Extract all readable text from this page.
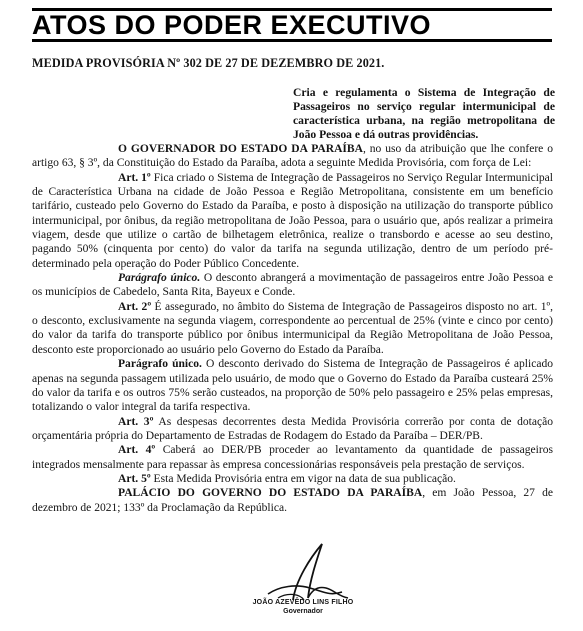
ATOS DO PODER EXECUTIVO
MEDIDA PROVISÓRIA Nº 302 DE 27 DE DEZEMBRO DE 2021.
Cria e regulamenta o Sistema de Integração de Passageiros no serviço regular intermunicipal de característica urbana, na região metropolitana de João Pessoa e dá outras providências.

O GOVERNADOR DO ESTADO DA PARAÍBA, no uso da atribuição que lhe confere o artigo 63, § 3º, da Constituição do Estado da Paraíba, adota a seguinte Medida Provisória, com força de Lei:

Art. 1º Fica criado o Sistema de Integração de Passageiros no Serviço Regular Intermunicipal de Característica Urbana na cidade de João Pessoa e Região Metropolitana, consistente em um benefício tarifário, custeado pelo Governo do Estado da Paraíba, e posto à disposição na utilização do transporte público intermunicipal, por ônibus, da região metropolitana de João Pessoa, para o usuário que, após realizar a primeira viagem, desde que utilize o cartão de bilhetagem eletrônica, realize o transbordo e acesse ao seu destino, pagando 50% (cinquenta por cento) do valor da tarifa na segunda utilização, dentro de um período pré-determinado pela operação do Poder Público Concedente.

Parágrafo único. O desconto abrangerá a movimentação de passageiros entre João Pessoa e os municípios de Cabedelo, Santa Rita, Bayeux e Conde.

Art. 2º É assegurado, no âmbito do Sistema de Integração de Passageiros disposto no art. 1º, o desconto, exclusivamente na segunda viagem, correspondente ao percentual de 25% (vinte e cinco por cento) do valor da tarifa do transporte público por ônibus intermunicipal da Região Metropolitana de João Pessoa, desconto este proporcionado ao usuário pelo Governo do Estado da Paraíba.

Parágrafo único. O desconto derivado do Sistema de Integração de Passageiros é aplicado apenas na segunda passagem utilizada pelo usuário, de modo que o Governo do Estado da Paraíba custeará 25% do valor da tarifa e os outros 75% serão custeados, na proporção de 50% pelo passageiro e 25% pelas empresas, totalizando o valor integral da tarifa respectiva.

Art. 3º As despesas decorrentes desta Medida Provisória correrão por conta de dotação orçamentária própria do Departamento de Estradas de Rodagem do Estado da Paraíba – DER/PB.

Art. 4º Caberá ao DER/PB proceder ao levantamento da quantidade de passageiros integrados mensalmente para repassar às empresa concessionárias responsáveis pela prestação de serviços.

Art. 5º Esta Medida Provisória entra em vigor na data de sua publicação.

PALÁCIO DO GOVERNO DO ESTADO DA PARAÍBA, em João Pessoa, 27 de dezembro de 2021; 133º da Proclamação da República.

JOÃO AZEVÊDO LINS FILHO
Governador
